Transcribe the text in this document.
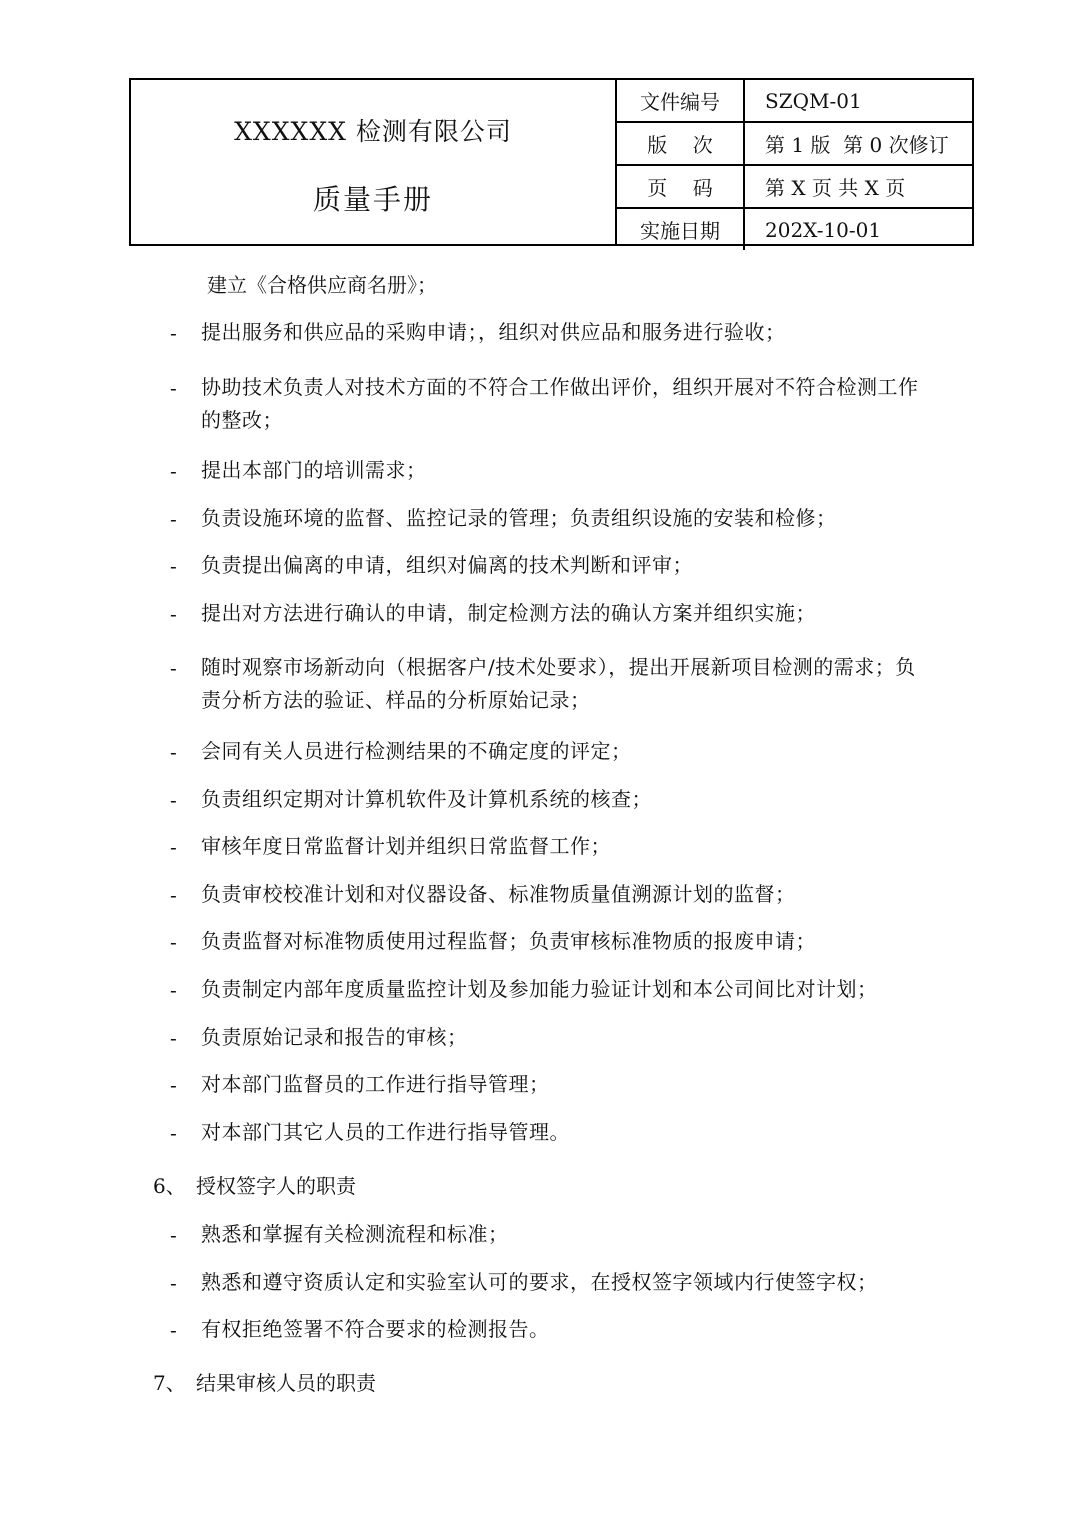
XXXXXX 检测有限公司
质量手册
文件编号	SZQM-01
版    次	第 1 版  第 0 次修订
页    码	第 X 页 共 X 页
实施日期	202X-10-01
建立《合格供应商名册》；
- 提出服务和供应品的采购申请；，组织对供应品和服务进行验收；
- 协助技术负责人对技术方面的不符合工作做出评价，组织开展对不符合检测工作的整改；
- 提出本部门的培训需求；
- 负责设施环境的监督、监控记录的管理；负责组织设施的安装和检修；
- 负责提出偏离的申请，组织对偏离的技术判断和评审；
- 提出对方法进行确认的申请，制定检测方法的确认方案并组织实施；
- 随时观察市场新动向（根据客户/技术处要求），提出开展新项目检测的需求；负责分析方法的验证、样品的分析原始记录；
- 会同有关人员进行检测结果的不确定度的评定；
- 负责组织定期对计算机软件及计算机系统的核查；
- 审核年度日常监督计划并组织日常监督工作；
- 负责审校校准计划和对仪器设备、标准物质量值溯源计划的监督；
- 负责监督对标准物质使用过程监督；负责审核标准物质的报废申请；
- 负责制定内部年度质量监控计划及参加能力验证计划和本公司间比对计划；
- 负责原始记录和报告的审核；
- 对本部门监督员的工作进行指导管理；
- 对本部门其它人员的工作进行指导管理。
6、 授权签字人的职责
- 熟悉和掌握有关检测流程和标准；
- 熟悉和遵守资质认定和实验室认可的要求，在授权签字领域内行使签字权；
- 有权拒绝签署不符合要求的检测报告。
7、 结果审核人员的职责
